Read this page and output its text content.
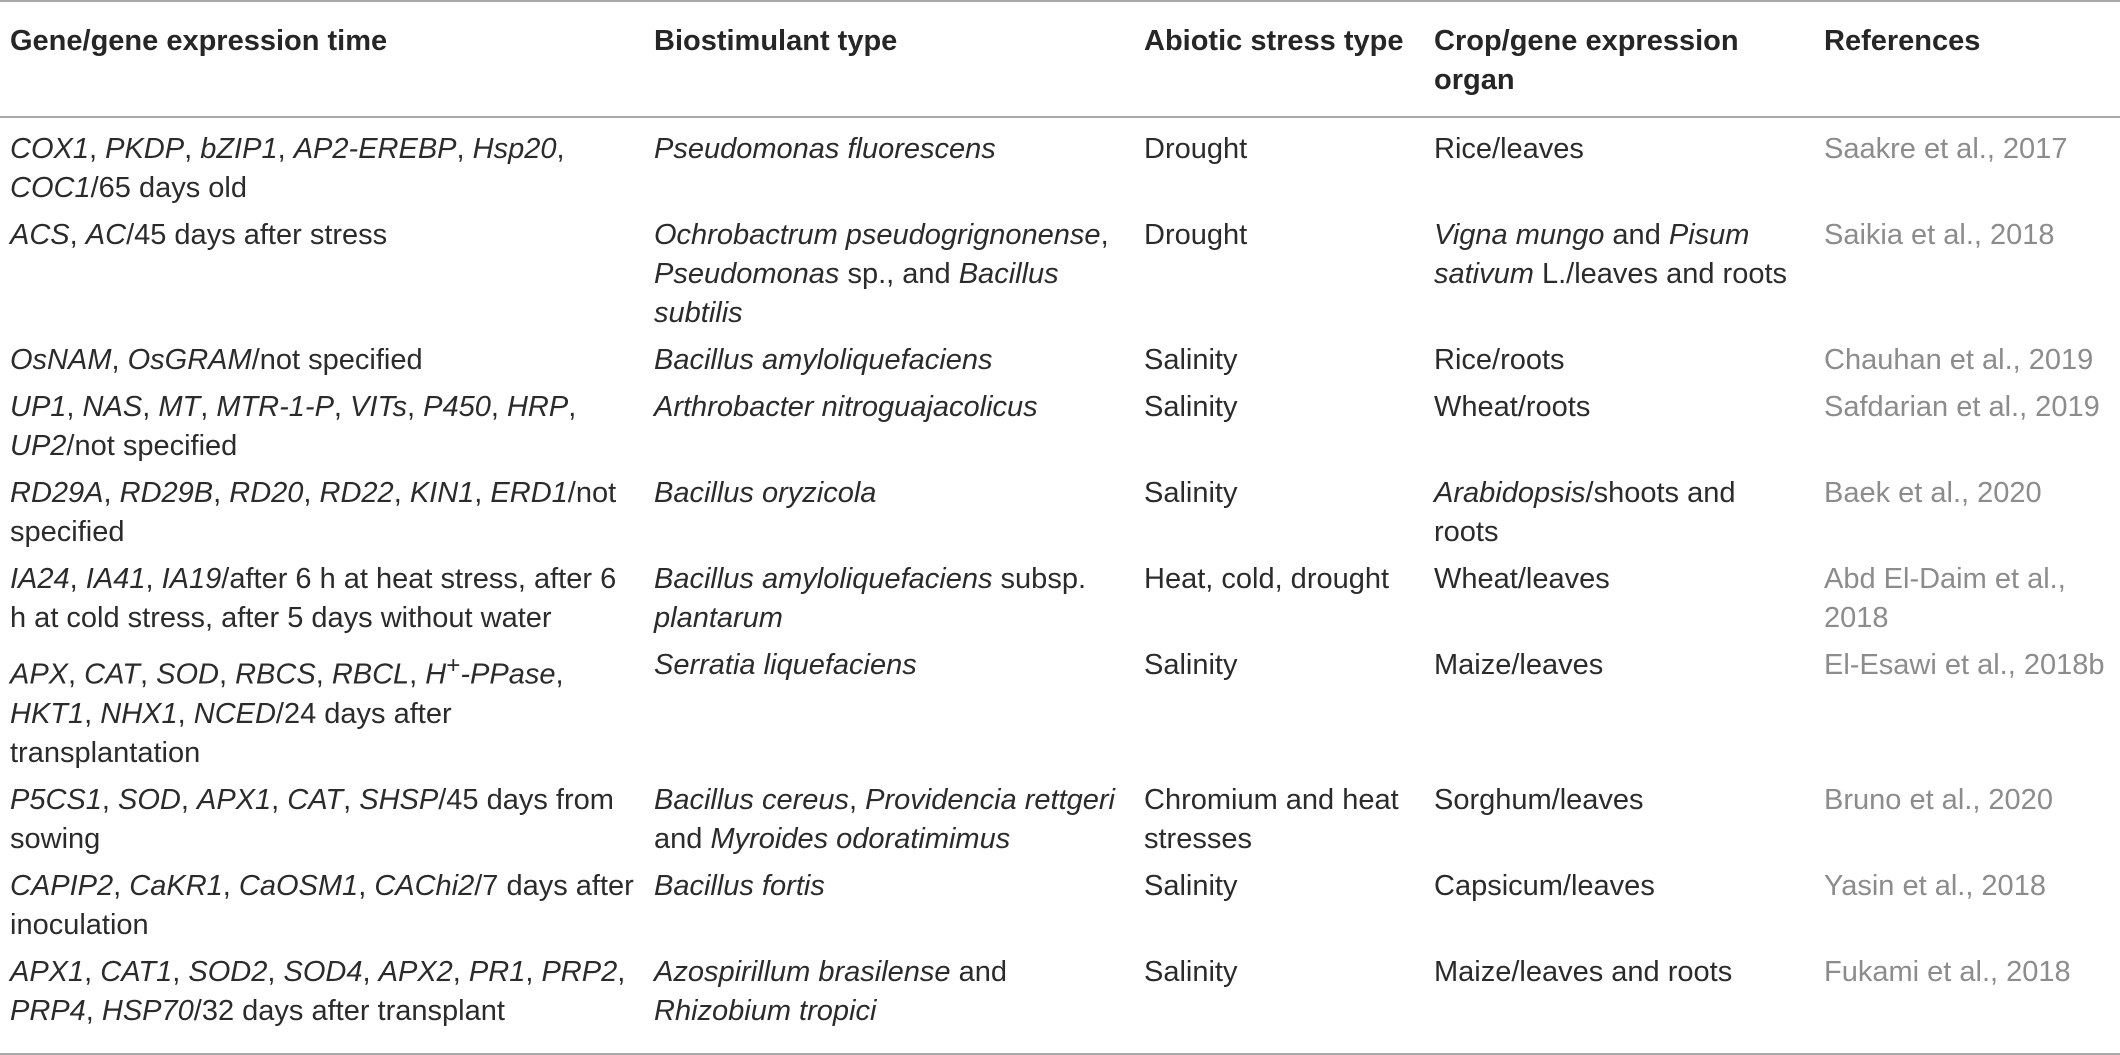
Gene/gene expression time	Biostimulant type	Abiotic stress type	Crop/gene expression organ	References
COX1, PKDP, bZIP1, AP2-EREBP, Hsp20, COC1/65 days old	Pseudomonas fluorescens	Drought	Rice/leaves	Saakre et al., 2017
ACS, AC/45 days after stress	Ochrobactrum pseudogrignonense, Pseudomonas sp., and Bacillus subtilis	Drought	Vigna mungo and Pisum sativum L./leaves and roots	Saikia et al., 2018
OsNAM, OsGRAM/not specified	Bacillus amyloliquefaciens	Salinity	Rice/roots	Chauhan et al., 2019
UP1, NAS, MT, MTR-1-P, VITs, P450, HRP, UP2/not specified	Arthrobacter nitroguajacolicus	Salinity	Wheat/roots	Safdarian et al., 2019
RD29A, RD29B, RD20, RD22, KIN1, ERD1/not specified	Bacillus oryzicola	Salinity	Arabidopsis/shoots and roots	Baek et al., 2020
IA24, IA41, IA19/after 6 h at heat stress, after 6 h at cold stress, after 5 days without water	Bacillus amyloliquefaciens subsp. plantarum	Heat, cold, drought	Wheat/leaves	Abd El-Daim et al., 2018
APX, CAT, SOD, RBCS, RBCL, H+-PPase, HKT1, NHX1, NCED/24 days after transplantation	Serratia liquefaciens	Salinity	Maize/leaves	El-Esawi et al., 2018b
P5CS1, SOD, APX1, CAT, SHSP/45 days from sowing	Bacillus cereus, Providencia rettgeri and Myroides odoratimimus	Chromium and heat stresses	Sorghum/leaves	Bruno et al., 2020
CAPIP2, CaKR1, CaOSM1, CAChi2/7 days after inoculation	Bacillus fortis	Salinity	Capsicum/leaves	Yasin et al., 2018
APX1, CAT1, SOD2, SOD4, APX2, PR1, PRP2, PRP4, HSP70/32 days after transplant	Azospirillum brasilense and Rhizobium tropici	Salinity	Maize/leaves and roots	Fukami et al., 2018
